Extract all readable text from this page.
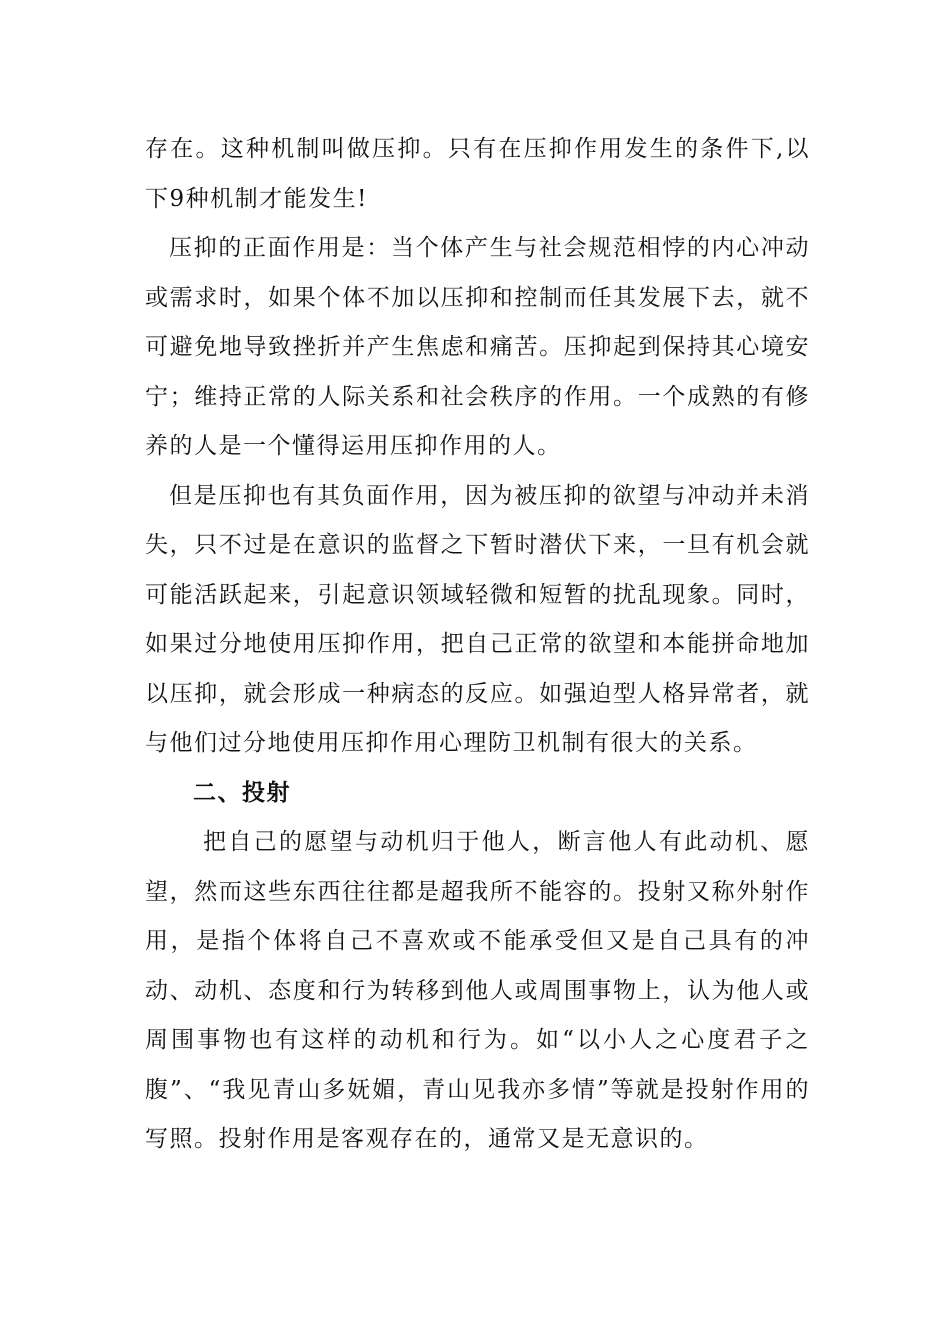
存在。这种机制叫做压抑。只有在压抑作用发生的条件下,以下9种机制才能发生!

压抑的正面作用是：当个体产生与社会规范相悖的内心冲动或需求时，如果个体不加以压抑和控制而任其发展下去，就不可避免地导致挫折并产生焦虑和痛苦。压抑起到保持其心境安宁；维持正常的人际关系和社会秩序的作用。一个成熟的有修养的人是一个懂得运用压抑作用的人。

但是压抑也有其负面作用，因为被压抑的欲望与冲动并未消失，只不过是在意识的监督之下暂时潜伏下来，一旦有机会就可能活跃起来，引起意识领域轻微和短暂的扰乱现象。同时，如果过分地使用压抑作用，把自己正常的欲望和本能拼命地加以压抑，就会形成一种病态的反应。如强迫型人格异常者，就与他们过分地使用压抑作用心理防卫机制有很大的关系。

二、投射

把自己的愿望与动机归于他人，断言他人有此动机、愿望，然而这些东西往往都是超我所不能容的。投射又称外射作用，是指个体将自己不喜欢或不能承受但又是自己具有的冲动、动机、态度和行为转移到他人或周围事物上，认为他人或周围事物也有这样的动机和行为。如“以小人之心度君子之腹”、“我见青山多妩媚，青山见我亦多情”等就是投射作用的写照。投射作用是客观存在的，通常又是无意识的。
